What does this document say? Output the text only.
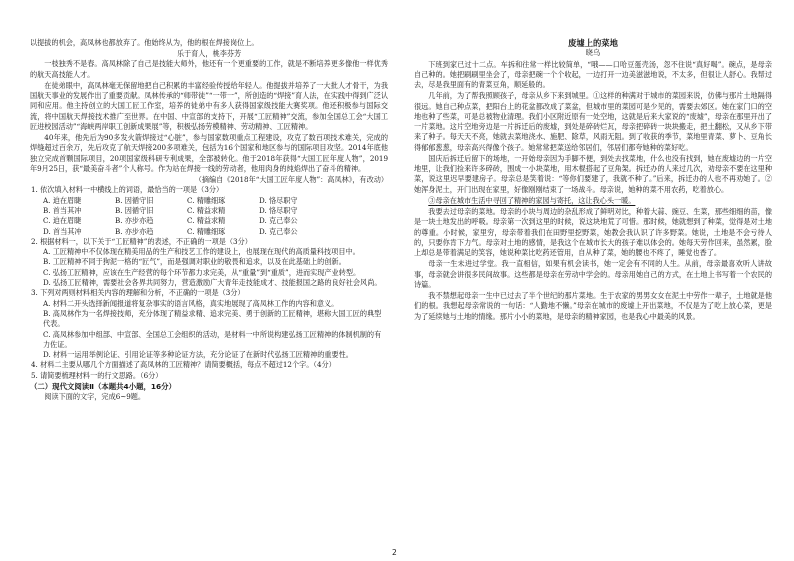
以提拔的机会，高凤林也都放弃了。他始终从为，他的根在焊接岗位上。

乐于育人，桃李芬芳

一枝独秀不是春。高凤林除了自己是技能大师外，他还有一个更重要的工作，就是不断培养更多像他一样优秀的航天高技能人才。

在徒弟眼中，高凤林毫无保留地把自己积累的丰富经验传授给年轻人。他提拔并培养了一大批人才骨干，为我国航天事业的发展作出了重要贡献。凤林传承的“师带徒”“一带一”，所创造的“焊接”育人法，在实践中得到广泛认同和应用。他主持创立的大国工匠工作室，培养的徒弟中有多人获得国家级技能大赛奖项。他还积极参与国际交流，将中国航天焊接技术推广至世界。在中国、中宣部的支持下，开展“工匠精神”交流，参加全国总工会“大国工匠进校园活动”“海峡两岸职工创新成果展”等，积极弘扬劳模精神、劳动精神、工匠精神。

40年来，他先后为90多发火箭焊接过“心脏”，参与国家数项重点工程建设，攻克了数百项技术难关，完成的焊缝超过百余万，先后攻克了航天焊接200多项难关，包括为16个国家和地区参与的国际项目攻坚。2014年底他独立完成首颗国际项目，20项国家级科研专利成果，全部被转化。他于2018年获得“大国工匠年度人物”，2019年9月25日，获“最美奋斗者”个人称号。作为站在焊接一线的劳动者，他用肉身的纯焰焊出了奋斗的精神。

（摘编自《2018年“大国工匠年度人物”：高凤林》，有改动）

1. 依次填入材料一中横线上的词语，最恰当的一项是（3分）

A. 迫在眉睫	B. 因循守旧	C. 精雕细琢	D. 恪尽职守
B. 首当其冲	B. 因循守旧	C. 精益求精	D. 恪尽职守
C. 迫在眉睫	B. 亦步亦趋	C. 精益求精	D. 克己奉公
D. 首当其冲	B. 亦步亦趋	C. 精雕细琢	D. 克己奉公

2. 根据材料一，以下关于“工匠精神”的表述，不正确的一项是（3分）

A. 工匠精神中不仅体现在精美用品的生产和技艺工作的建设上，也展现在现代的高质量科技项目中。

B. 工匠精神不同于狗泥一格的“匠气”，而是强调对职业的敬畏和追求，以及在此基础上的创新。

C. 弘扬工匠精神，应该在生产经营的每个环节都力求完美，从“重量”到“重质”，进而实现产业转型。

D. 弘扬工匠精神，需要社会各界共同努力，营造激励广大青年走技能成才、技能报国之路的良好社会风尚。

3. 下列对两则材料相关内容的理解和分析，不正确的一项是（3分）

A. 材料二开头选择新闻报道将复杂事实的语言风格，真实地展现了高凤林工作的内容和意义。

B. 高凤林作为一名焊接技师，充分体现了精益求精、追求完美、勇于创新的工匠精神，堪称大国工匠的典型代表。

C. 高凤林参加中组部、中宣部、全国总工会组织的活动，是材料一中所说构建弘扬工匠精神的体制机制的有力佐证。

D. 材料一运用举例论证、引用论证等多种论证方法，充分论证了在新时代弘扬工匠精神的重要性。

4. 材料二主要从哪几个方面描述了高凤林的工匠精神？请简要概括，每点不超过12个字。（4分）

5. 请简要梳理材料一的行文思路。（6分）

（二）现代文阅读Ⅱ（本题共4小题，16分）

阅读下面的文字，完成6~9题。

废墟上的菜地

晓乌

下班到家已过十二点。车拆和往常一样比较简单，“哦——口哈豆蛋壳汤，忽不住说“真好喝”。碗点，是母亲自己种的。她把刷刷里坐会了，母亲把碗一个个收起，一边打开一边美滋滋地说，不太多，但很让人舒心。我帮过去，尽是我里面有的青菜豆角，顺延般的。

几年前，为了帮我照顾孩子，母亲从乡下来到城里。①这样的种满对于城市的菜园来说，仿佛与那片土地隔得很远。她自己种点菜，把阳台上的花盆都改成了菜盆，但城市里的菜园可是少见的，需要去郊区。她在家门口的空地也种了些菜，可是总被物业清理。我们小区附近原有一处空地，这就是后来大家说的“废墟”，母亲在那里开出了一片菜地。这片空地旁边是一片拆迁后的废墟，到处是碎砖烂瓦，母亲把碎砖一块块搬走，把土翻松，又从乡下带来了种子。每天天不亮，她就去菜地浇水、施肥、除草，风雨无阻。到了收获的季节，菜地里青菜、萝卜、豆角长得郁郁葱葱，母亲高兴得像个孩子。她常常把菜送给邻居们，邻居们都夸她种的菜好吃。

国庆后拆迁后留下的场地，一开始母亲因为手脚不便，到处去找菜地，什么也没有找到，她在废墟边的一片空地里，让我们捡来许多碎砖，围成一小块菜地，用木棍搭起了豆角架。拆迁办的人来过几次，劝母亲不要在这里种菜，说这里迟早要建房子。母亲总是笑着说：“等你们要建了，我就不种了。”后来，拆迁办的人也不再劝她了。②她浑身泥土，开门出现在家里，好像刚刚结束了一场战斗。母亲说，她种的菜不用农药，吃着放心。

③母亲在城市生活中寻回了精神的家园与寄托，这让我心头一暖。

我要去过母亲的菜地。母亲的小块与周边的杂乱形成了鲜明对比，种着大蒜、豌豆、生菜，那些细细的苗，像是一块土地发出的呼吸。母亲第一次到这里的时候，说这块地荒了可惜。那时候，她就想到了种菜，觉得是对土地的尊重。小时候，家里穷，母亲带着我们在田野里挖野菜，她教会我认识了许多野菜。她说，土地是不会亏待人的，只要你肯下力气。母亲对土地的感情，是我这个在城市长大的孩子难以体会的。她每天劳作回来，虽然累，脸上却总是带着满足的笑容，她说种菜比吃药还管用，自从种了菜，她的腰也不疼了，睡觉也香了。

母亲一生未进过学堂。我一直相信，如果有机会读书，她一定会有不同的人生。从前，母亲最喜欢听人讲故事，母亲就会讲很多民间故事。这些都是母亲在劳动中学会的。母亲用她自己的方式，在土地上书写着一个农民的诗篇。

我不禁想起母亲一生中已过去了半个世纪的那片菜地。生于农家的男男女女在泥土中劳作一辈子，土地就是他们的根。我想起母亲常说的一句话：“人勤地不懒。”母亲在城市的废墟上开出菜地，不仅是为了吃上放心菜，更是为了延续她与土地的情缘。那片小小的菜地，是母亲的精神家园，也是我心中最美的风景。

2
